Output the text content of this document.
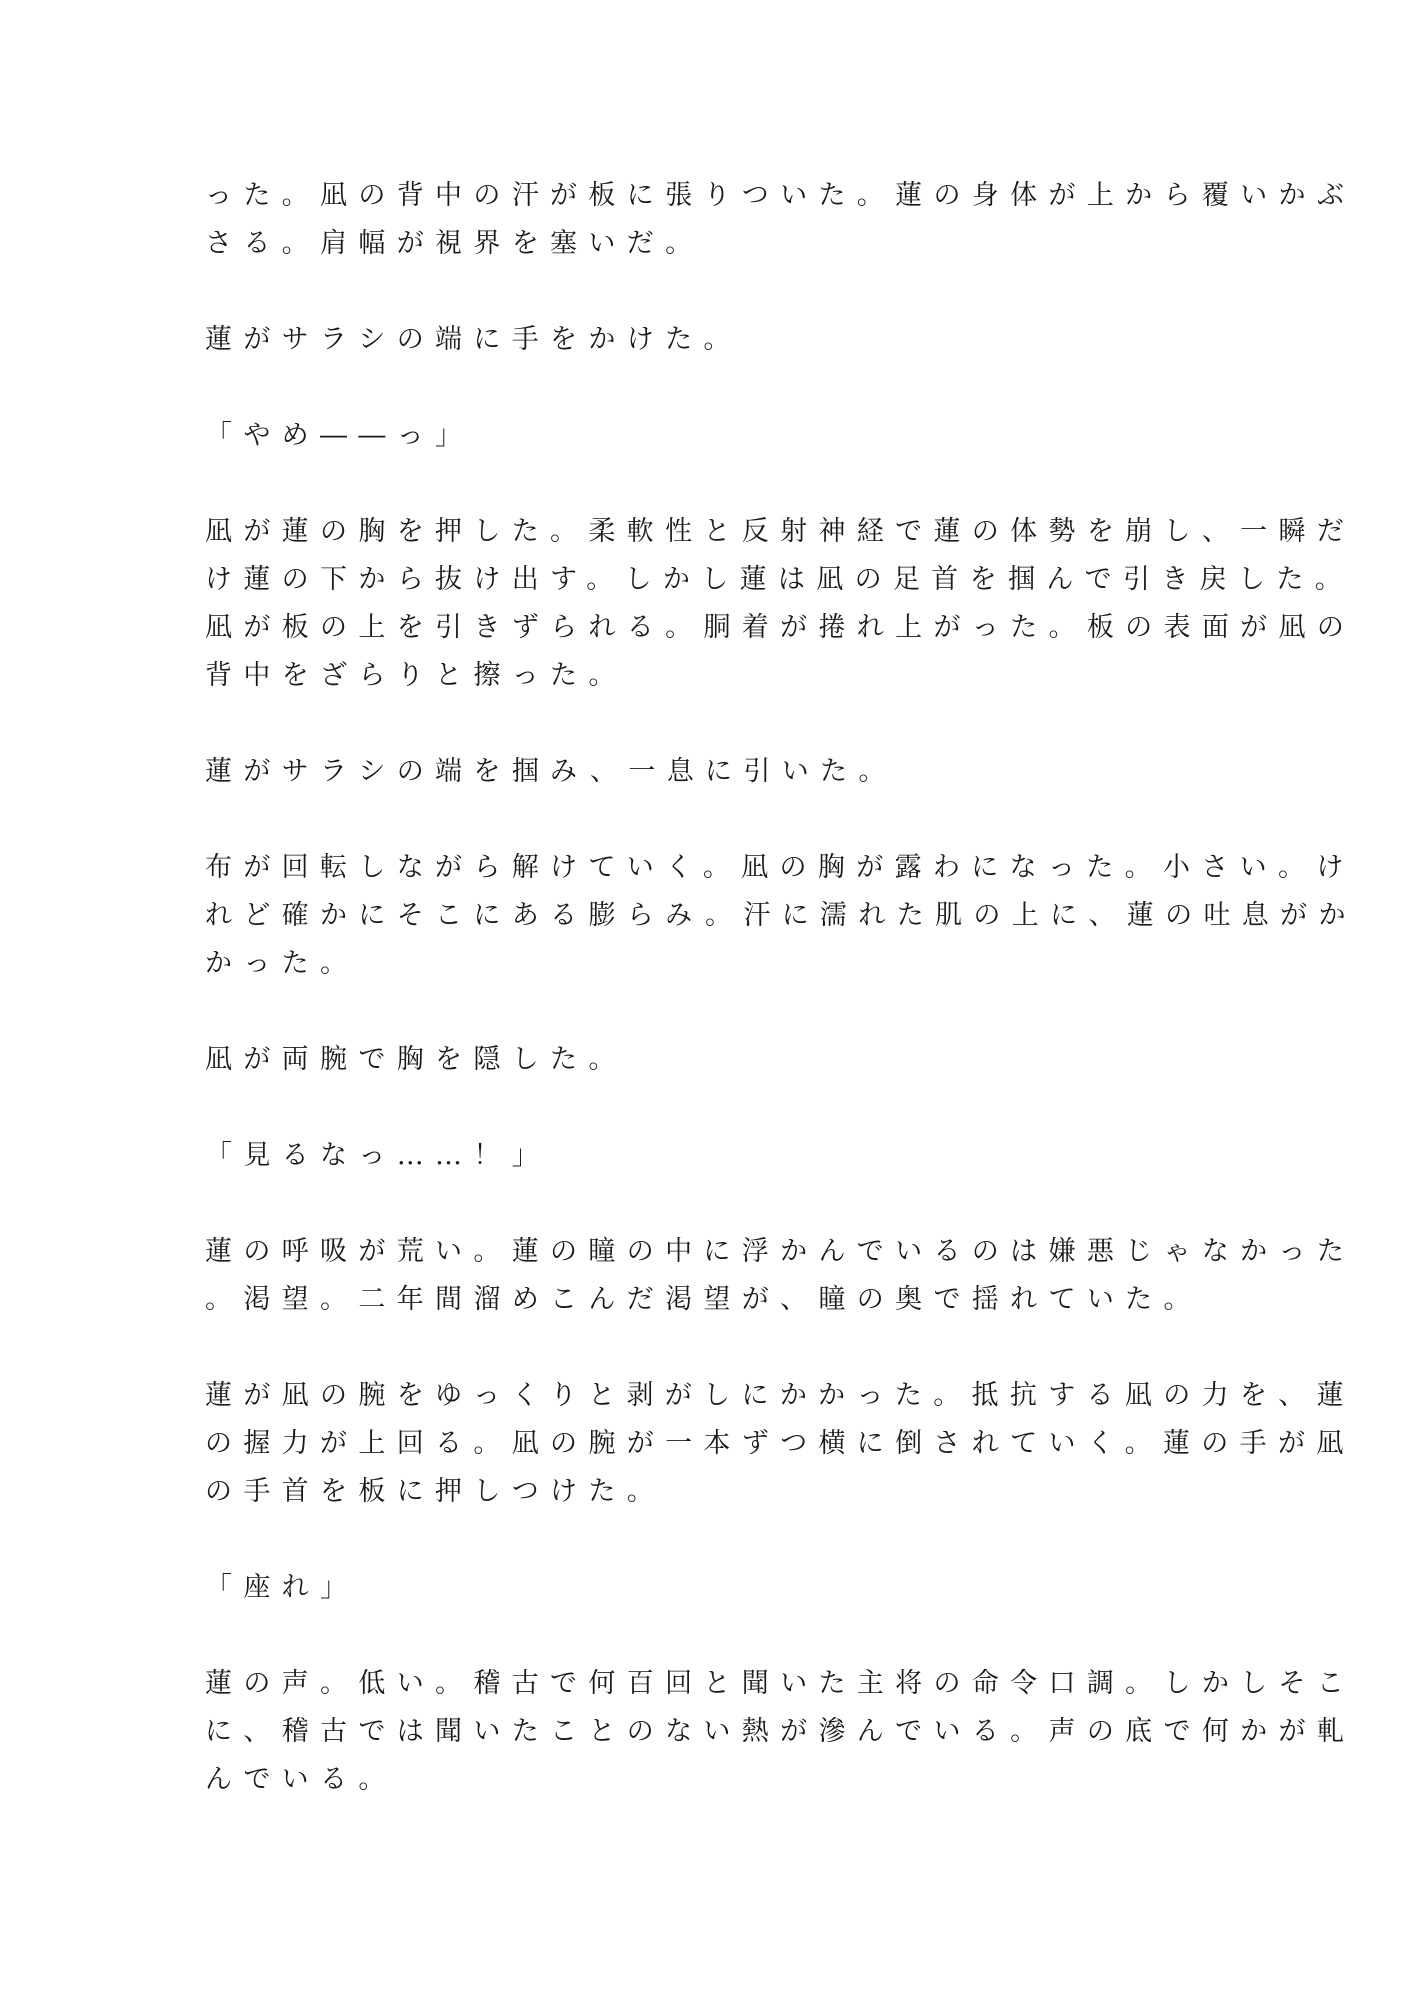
った。凪の背中の汗が板に張りついた。蓮の身体が上から覆いかぶ
さる。肩幅が視界を塞いだ。

蓮がサラシの端に手をかけた。

「やめ――っ」

凪が蓮の胸を押した。柔軟性と反射神経で蓮の体勢を崩し、一瞬だ
け蓮の下から抜け出す。しかし蓮は凪の足首を掴んで引き戻した。
凪が板の上を引きずられる。胴着が捲れ上がった。板の表面が凪の
背中をざらりと擦った。

蓮がサラシの端を掴み、一息に引いた。

布が回転しながら解けていく。凪の胸が露わになった。小さい。け
れど確かにそこにある膨らみ。汗に濡れた肌の上に、蓮の吐息がか
かった。

凪が両腕で胸を隠した。

「見るなっ……！」

蓮の呼吸が荒い。蓮の瞳の中に浮かんでいるのは嫌悪じゃなかった
。渇望。二年間溜めこんだ渇望が、瞳の奥で揺れていた。

蓮が凪の腕をゆっくりと剥がしにかかった。抵抗する凪の力を、蓮
の握力が上回る。凪の腕が一本ずつ横に倒されていく。蓮の手が凪
の手首を板に押しつけた。

「座れ」

蓮の声。低い。稽古で何百回と聞いた主将の命令口調。しかしそこ
に、稽古では聞いたことのない熱が滲んでいる。声の底で何かが軋
んでいる。
